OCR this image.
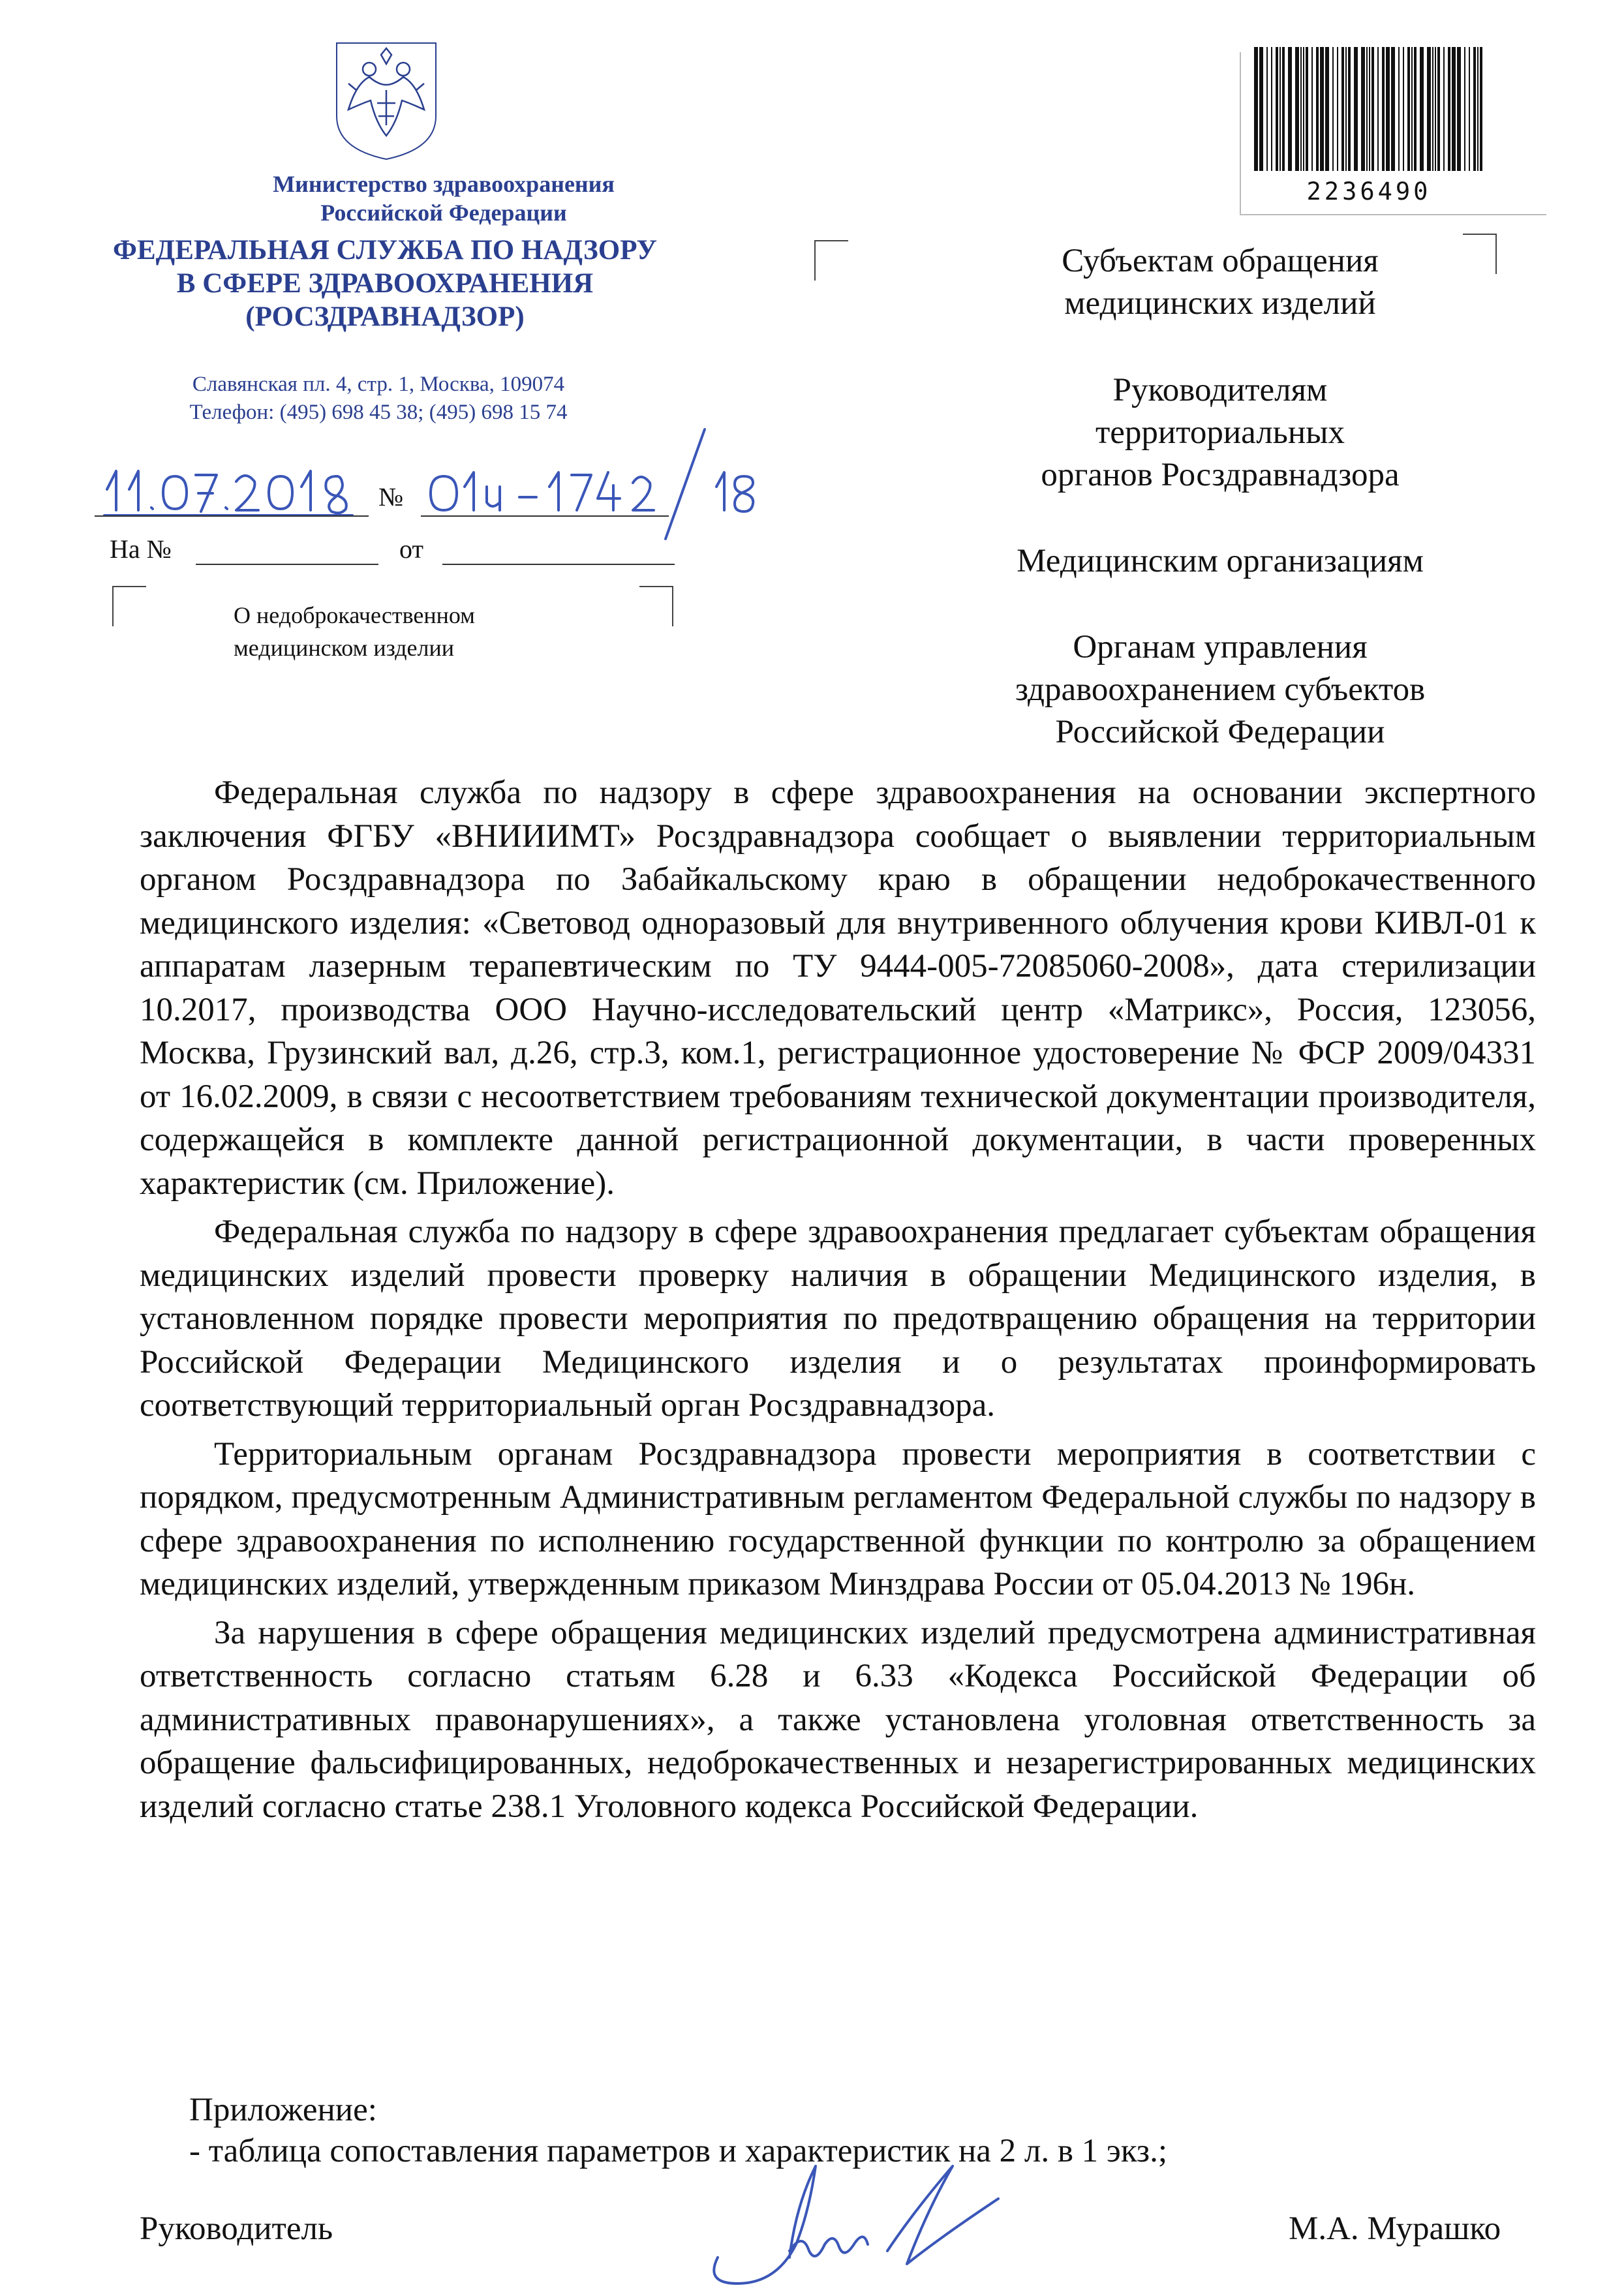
Министерство здравоохранения
Российской Федерации
ФЕДЕРАЛЬНАЯ СЛУЖБА ПО НАДЗОРУ
В СФЕРЕ ЗДРАВООХРАНЕНИЯ
(РОСЗДРАВНАДЗОР)
Славянская пл. 4, стр. 1, Москва, 109074
Телефон: (495) 698 45 38; (495) 698 15 74
№
На №	от
О недоброкачественном
медицинском изделии
2236490
Субъектам обращения
медицинских изделий
Руководителям
территориальных
органов Росздравнадзора
Медицинским организациям
Органам управления
здравоохранением субъектов
Российской Федерации

Федеральная служба по надзору в сфере здравоохранения на основании экспертного заключения ФГБУ «ВНИИИМТ» Росздравнадзора сообщает о выявлении территориальным органом Росздравнадзора по Забайкальскому краю в обращении недоброкачественного медицинского изделия: «Световод одноразовый для внутривенного облучения крови КИВЛ-01 к аппаратам лазерным терапевтическим по ТУ 9444-005-72085060-2008», дата стерилизации 10.2017, производства ООО Научно-исследовательский центр «Матрикс», Россия, 123056, Москва, Грузинский вал, д.26, стр.3, ком.1, регистрационное удостоверение № ФСР 2009/04331 от 16.02.2009, в связи с несоответствием требованиям технической документации производителя, содержащейся в комплекте данной регистрационной документации, в части проверенных характеристик (см. Приложение).

Федеральная служба по надзору в сфере здравоохранения предлагает субъектам обращения медицинских изделий провести проверку наличия в обращении Медицинского изделия, в установленном порядке провести мероприятия по предотвращению обращения на территории Российской Федерации Медицинского изделия и о результатах проинформировать соответствующий территориальный орган Росздравнадзора.

Территориальным органам Росздравнадзора провести мероприятия в соответствии с порядком, предусмотренным Административным регламентом Федеральной службы по надзору в сфере здравоохранения по исполнению государственной функции по контролю за обращением медицинских изделий, утвержденным приказом Минздрава России от 05.04.2013 № 196н.

За нарушения в сфере обращения медицинских изделий предусмотрена административная ответственность согласно статьям 6.28 и 6.33 «Кодекса Российской Федерации об административных правонарушениях», а также установлена уголовная ответственность за обращение фальсифицированных, недоброкачественных и незарегистрированных медицинских изделий согласно статье 238.1 Уголовного кодекса Российской Федерации.

Приложение:
- таблица сопоставления параметров и характеристик на 2 л. в 1 экз.;
Руководитель	М.А. Мурашко
